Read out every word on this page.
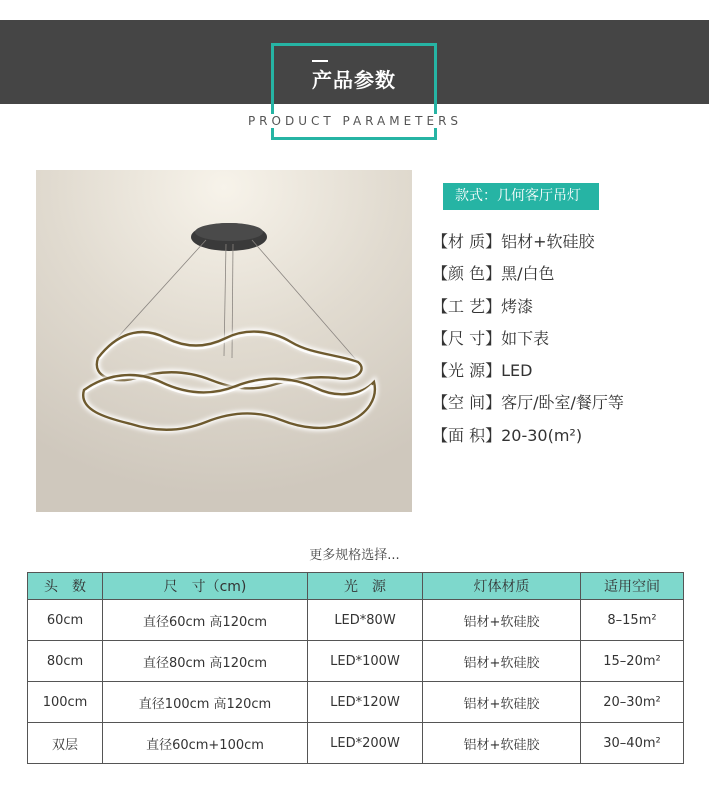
产品参数
PRODUCT PARAMETERS
款式：几何客厅吊灯
【材 质】铝材+软硅胶
【颜 色】黑/白色
【工 艺】烤漆
【尺 寸】如下表
【光 源】LED
【空 间】客厅/卧室/餐厅等
【面 积】20-30(m²)
更多规格选择...
头　数	尺　寸（cm)	光　源	灯体材质	适用空间
60cm	直径60cm 高120cm	LED*80W	铝材+软硅胶	8–15m²
80cm	直径80cm 高120cm	LED*100W	铝材+软硅胶	15–20m²
100cm	直径100cm 高120cm	LED*120W	铝材+软硅胶	20–30m²
双层	直径60cm+100cm	LED*200W	铝材+软硅胶	30–40m²
